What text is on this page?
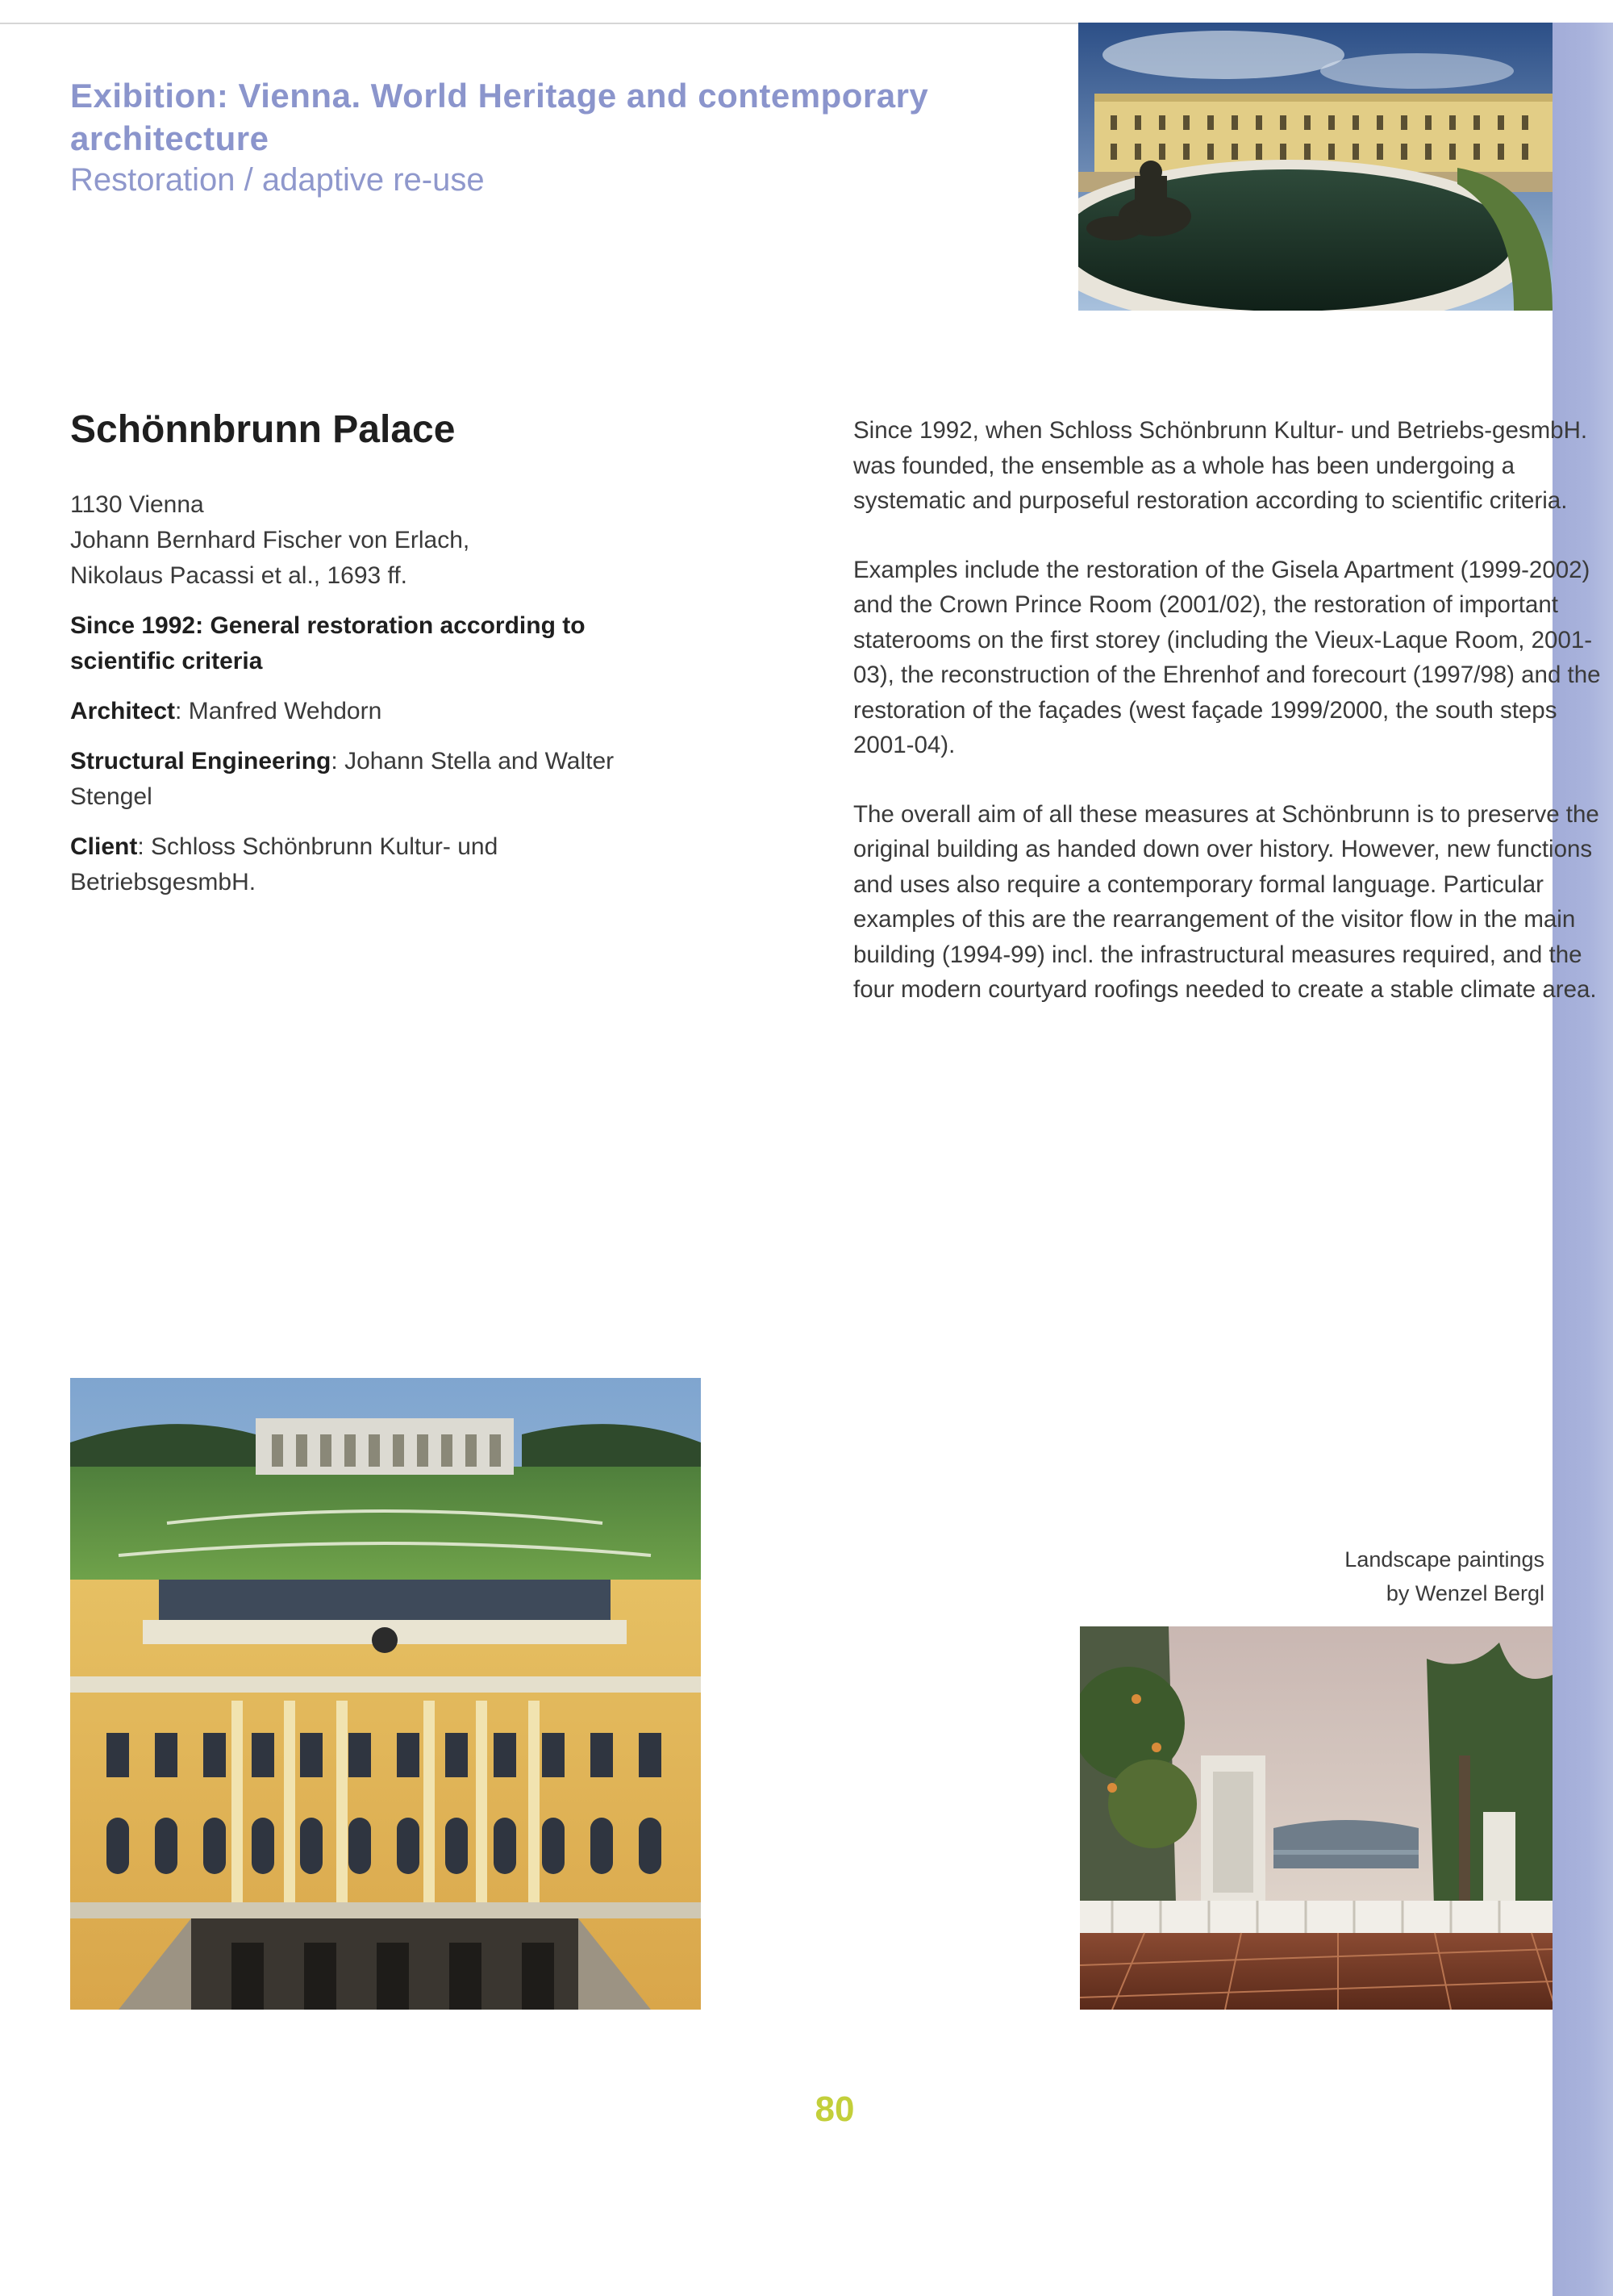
Exibition: Vienna. World Heritage and contemporary architecture
Restoration / adaptive re-use
Schönnbrunn Palace

1130 Vienna

Johann Bernhard Fischer von Erlach,
Nikolaus Pacassi et al., 1693 ff.

Since 1992: General restoration according to scientific criteria

Architect: Manfred Wehdorn

Structural Engineering: Johann Stella and Walter Stengel

Client: Schloss Schönbrunn Kultur- und BetriebsgesmbH.

Since 1992, when Schloss Schönbrunn Kultur- und Betriebs-gesmbH. was founded, the ensemble as a whole has been undergoing a systematic and purposeful restoration according to scientific criteria.

Examples include the restoration of the Gisela Apartment (1999-2002) and the Crown Prince Room (2001/02), the restoration of important staterooms on the first storey (including the Vieux-Laque Room, 2001-03), the reconstruction of the Ehrenhof and forecourt (1997/98) and the restoration of the façades (west façade 1999/2000, the south steps 2001-04).

The overall aim of all these measures at Schönbrunn is to preserve the original building as handed down over history. However, new functions and uses also require a contemporary formal language. Particular examples of this are the rearrangement of the visitor flow in the main building (1994-99) incl. the infrastructural measures required, and the four modern courtyard roofings needed to create a stable climate area.

Landscape paintings
by Wenzel Bergl
80
